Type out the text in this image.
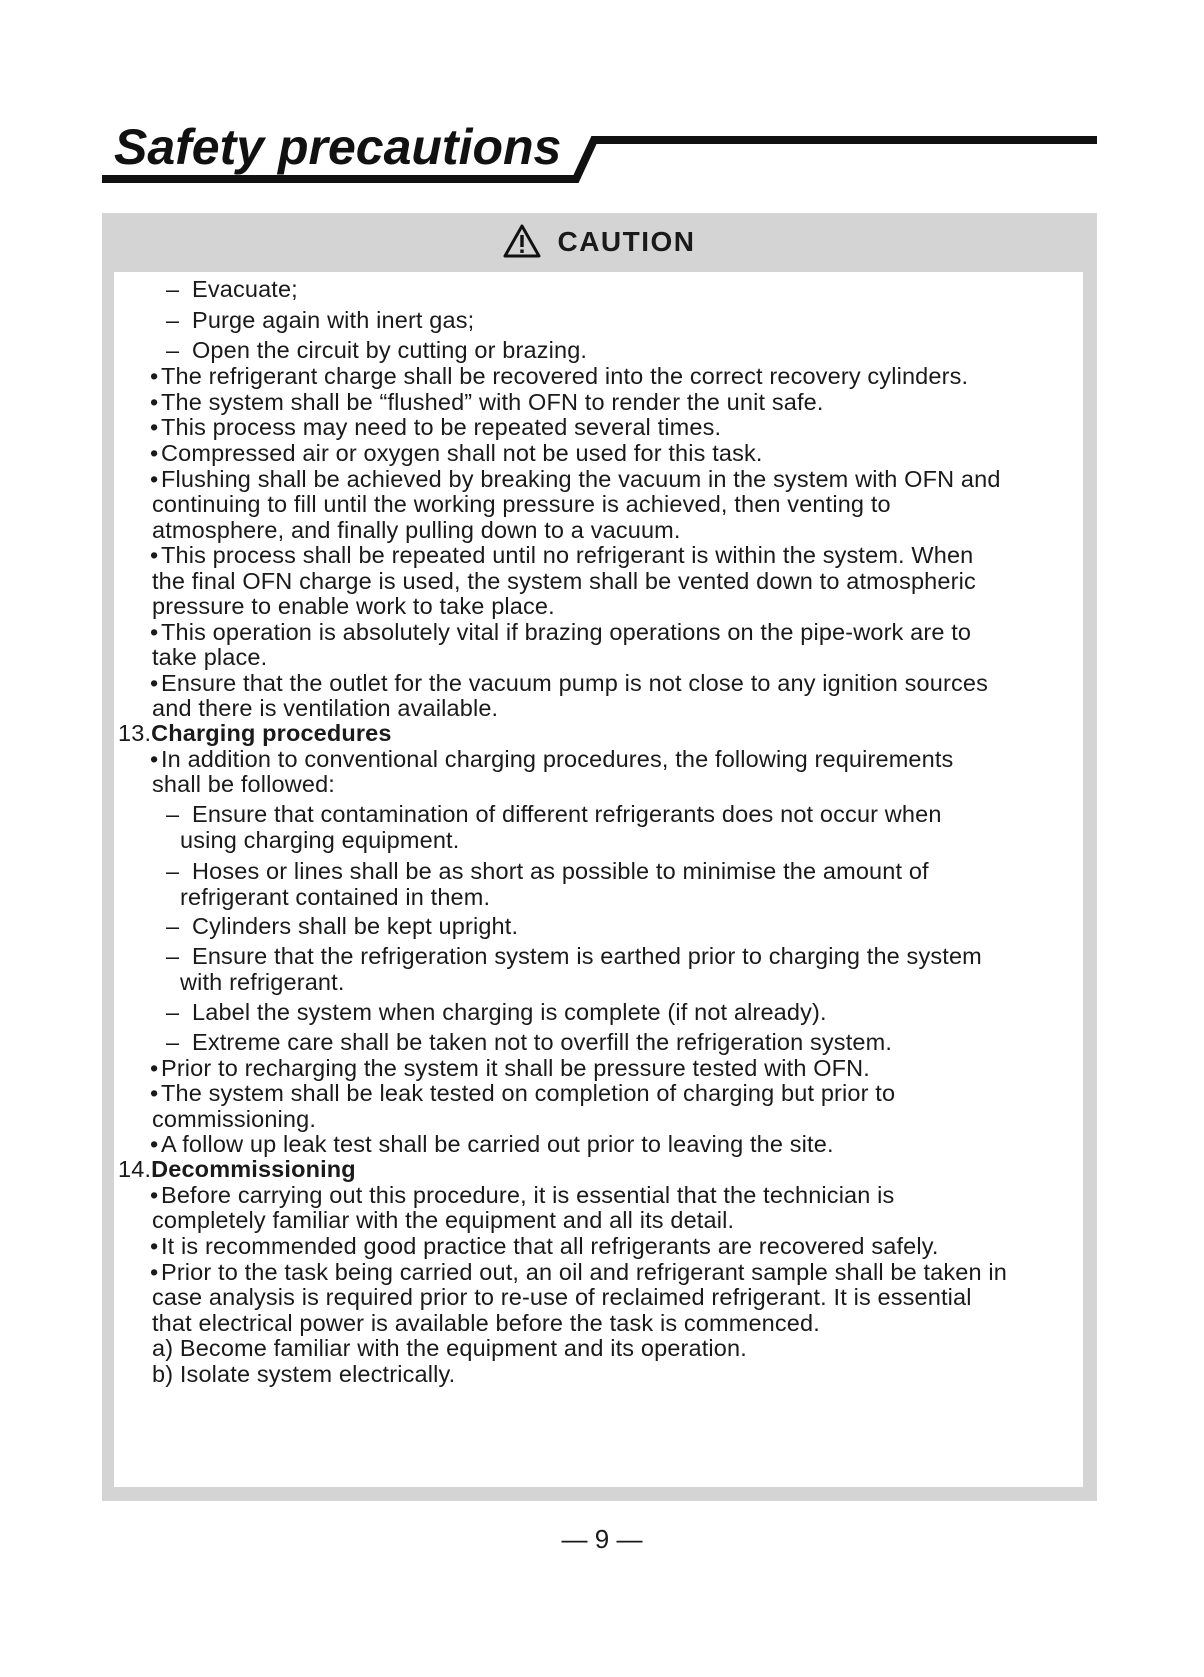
Safety precautions
CAUTION
– Evacuate;
– Purge again with inert gas;
– Open the circuit by cutting or brazing.
• The refrigerant charge shall be recovered into the correct recovery cylinders.
• The system shall be “flushed” with OFN to render the unit safe.
• This process may need to be repeated several times.
• Compressed air or oxygen shall not be used for this task.
• Flushing shall be achieved by breaking the vacuum in the system with OFN and
continuing to fill until the working pressure is achieved, then venting to
atmosphere, and finally pulling down to a vacuum.
• This process shall be repeated until no refrigerant is within the system. When
the final OFN charge is used, the system shall be vented down to atmospheric
pressure to enable work to take place.
• This operation is absolutely vital if brazing operations on the pipe-work are to
take place.
• Ensure that the outlet for the vacuum pump is not close to any ignition sources
and there is ventilation available.
13.Charging procedures
• In addition to conventional charging procedures, the following requirements
shall be followed:
– Ensure that contamination of different refrigerants does not occur when
using charging equipment.
– Hoses or lines shall be as short as possible to minimise the amount of
refrigerant contained in them.
– Cylinders shall be kept upright.
– Ensure that the refrigeration system is earthed prior to charging the system
with refrigerant.
– Label the system when charging is complete (if not already).
– Extreme care shall be taken not to overfill the refrigeration system.
• Prior to recharging the system it shall be pressure tested with OFN.
• The system shall be leak tested on completion of charging but prior to
commissioning.
• A follow up leak test shall be carried out prior to leaving the site.
14.Decommissioning
• Before carrying out this procedure, it is essential that the technician is
completely familiar with the equipment and all its detail.
• It is recommended good practice that all refrigerants are recovered safely.
• Prior to the task being carried out, an oil and refrigerant sample shall be taken in
case analysis is required prior to re-use of reclaimed refrigerant. It is essential
that electrical power is available before the task is commenced.
a) Become familiar with the equipment and its operation.
b) Isolate system electrically.
— 9 —
